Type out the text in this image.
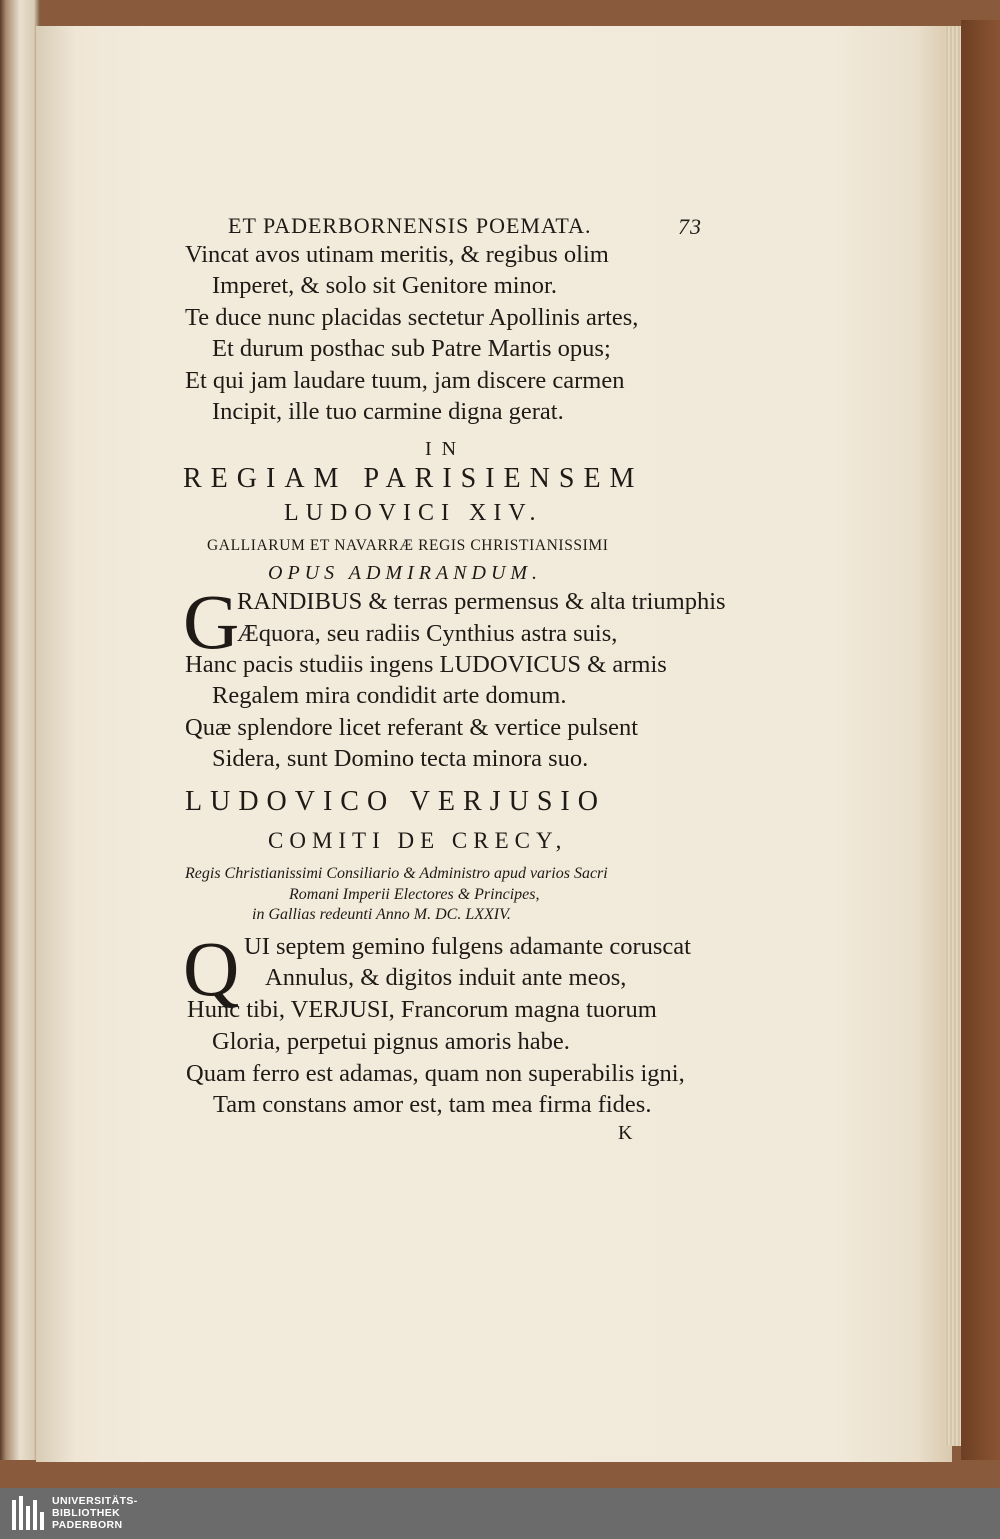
ET PADERBORNENSIS POEMATA.	73
Vincat avos utinam meritis, & regibus olim
Imperet, & solo sit Genitore minor.
Te duce nunc placidas sectetur Apollinis artes,
Et durum posthac sub Patre Martis opus;
Et qui jam laudare tuum, jam discere carmen
Incipit, ille tuo carmine digna gerat.
IN
REGIAM PARISIENSEM
LUDOVICI XIV.
GALLIARUM ET NAVARRÆ REGIS CHRISTIANISSIMI
OPUS ADMIRANDUM.
G
RANDIBUS & terras permensus & alta triumphis
Æquora, seu radiis Cynthius astra suis,
Hanc pacis studiis ingens LUDOVICUS & armis
Regalem mira condidit arte domum.
Quæ splendore licet referant & vertice pulsent
Sidera, sunt Domino tecta minora suo.
LUDOVICO VERJUSIO
COMITI DE CRECY,
Regis Christianissimi Consiliario & Administro apud varios Sacri
Romani Imperii Electores & Principes,
in Gallias redeunti Anno M. DC. LXXIV.
Q UI septem gemino fulgens adamante coruscat
Annulus, & digitos induit ante meos,
Hunc tibi, VERJUSI, Francorum magna tuorum
Gloria, perpetui pignus amoris habe.
Quam ferro est adamas, quam non superabilis igni,
Tam constans amor est, tam mea firma fides.
K
UNIVERSITÄTS-
BIBLIOTHEK
PADERBORN
